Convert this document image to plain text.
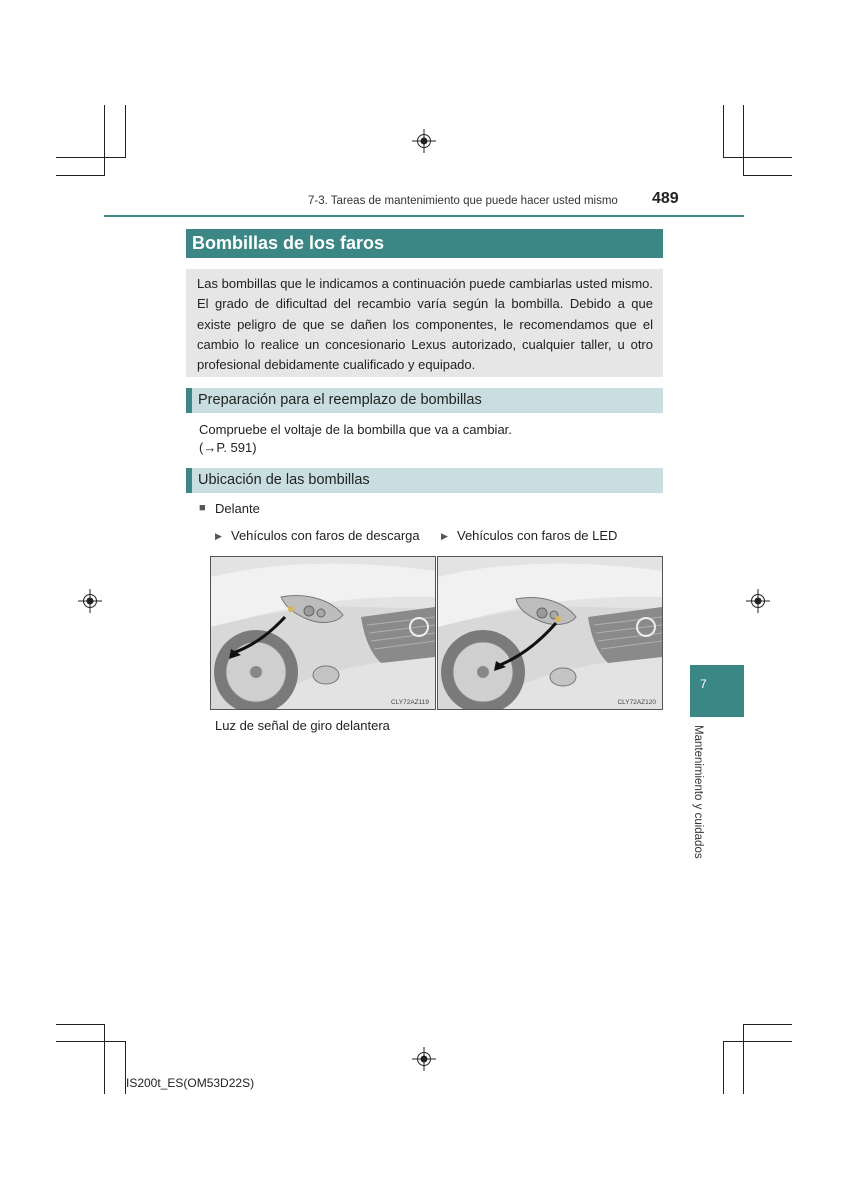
7-3. Tareas de mantenimiento que puede hacer usted mismo 489
Bombillas de los faros
Las bombillas que le indicamos a continuación puede cambiarlas usted mismo. El grado de dificultad del recambio varía según la bombilla. Debido a que existe peligro de que se dañen los componentes, le recomendamos que el cambio lo realice un concesionario Lexus autorizado, cualquier taller, u otro profesional debidamente cualificado y equipado.
Preparación para el reemplazo de bombillas
Compruebe el voltaje de la bombilla que va a cambiar.
(→P. 591)
Ubicación de las bombillas
■ Delante
▶ Vehículos con faros de descarga ▶ Vehículos con faros de LED
CLY72AZ119	CLY72AZ120
Luz de señal de giro delantera
7
Mantenimiento y cuidados
IS200t_ES(OM53D22S)
